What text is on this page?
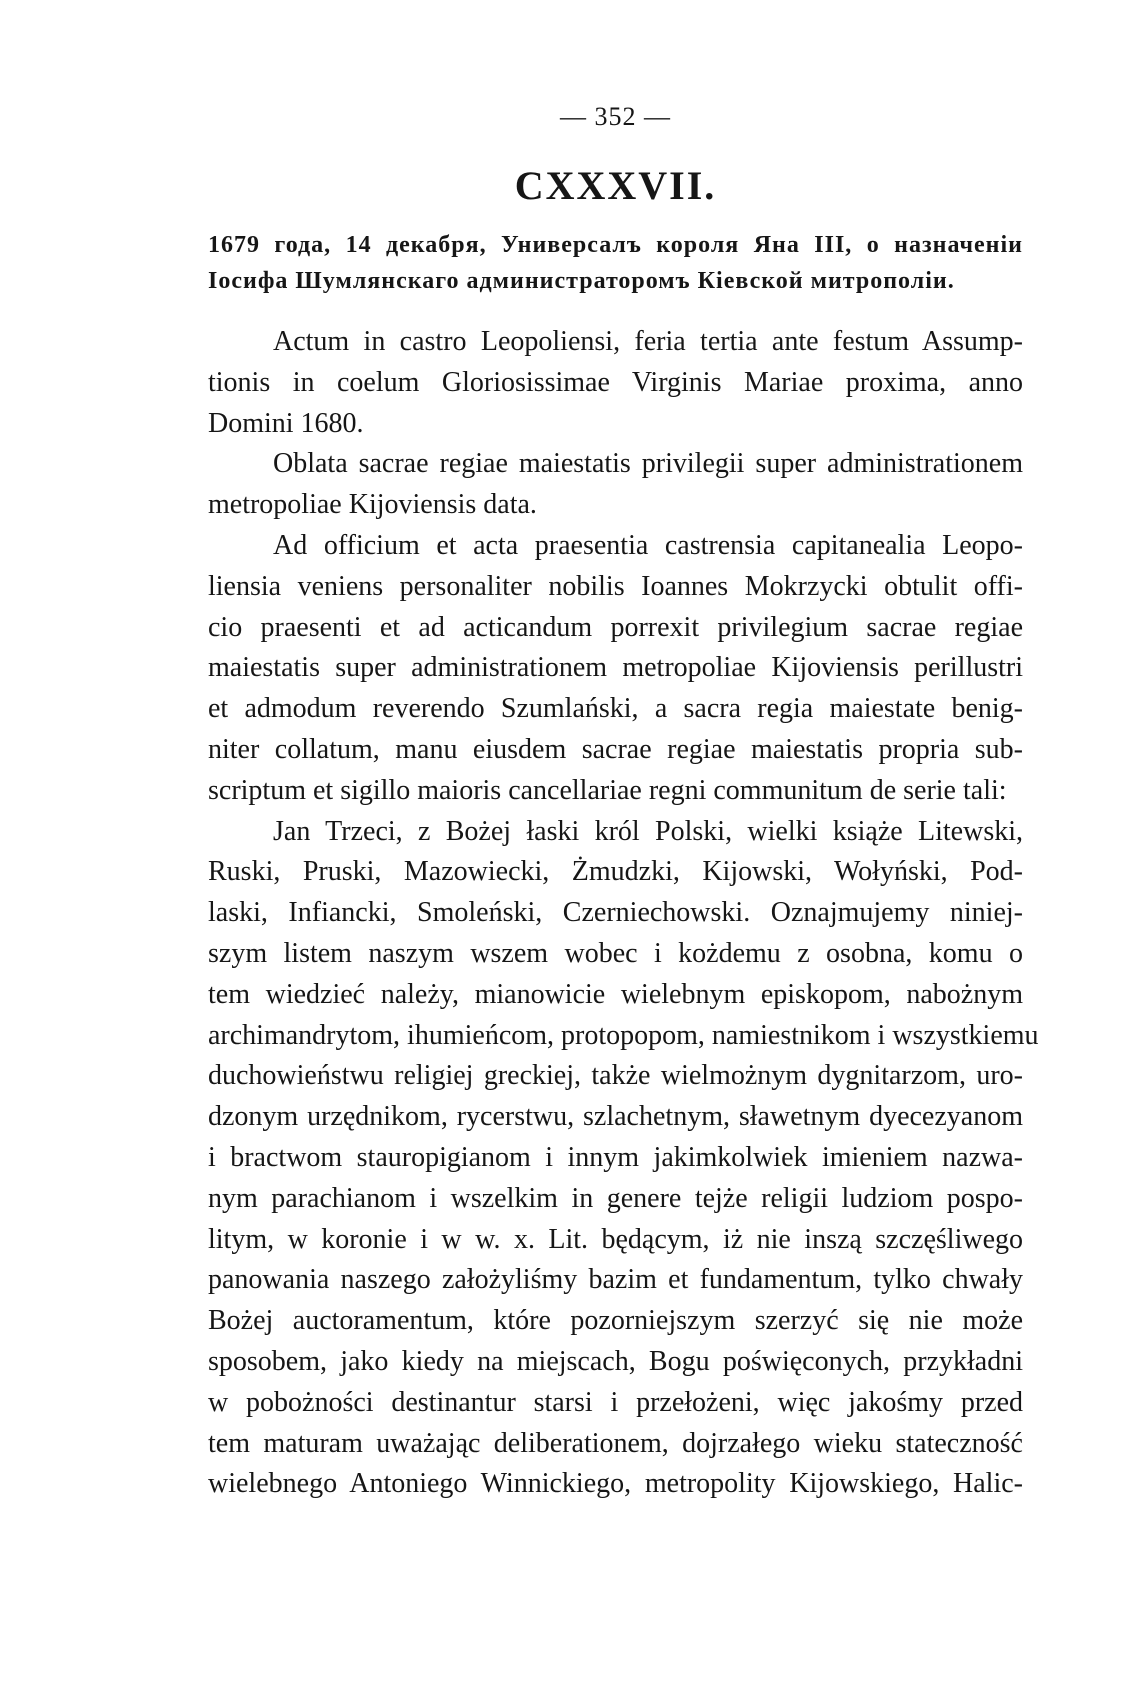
— 352 —
CXXXVII.
1679 года, 14 декабря, Универсалъ короля Яна III, о назначеніи
Іосифа Шумлянскаго администраторомъ Кіевской митрополіи.
Actum in castro Leopoliensi, feria tertia ante festum Assump-
tionis in coelum Gloriosissimae Virginis Mariae proxima, anno
Domini 1680.
Oblata sacrae regiae maiestatis privilegii super administrationem
metropoliae Kijoviensis data.
Ad officium et acta praesentia castrensia capitanealia Leopo-
liensia veniens personaliter nobilis Ioannes Mokrzycki obtulit offi-
cio praesenti et ad acticandum porrexit privilegium sacrae regiae
maiestatis super administrationem metropoliae Kijoviensis perillustri
et admodum reverendo Szumlański, a sacra regia maiestate benig-
niter collatum, manu eiusdem sacrae regiae maiestatis propria sub-
scriptum et sigillo maioris cancellariae regni communitum de serie tali:
Jan Trzeci, z Bożej łaski król Polski, wielki książe Litewski,
Ruski, Pruski, Mazowiecki, Żmudzki, Kijowski, Wołyński, Pod-
laski, Infiancki, Smoleński, Czerniechowski. Oznajmujemy niniej-
szym listem naszym wszem wobec i kożdemu z osobna, komu o
tem wiedzieć należy, mianowicie wielebnym episkopom, nabożnym
archimandrytom, ihumieńcom, protopopom, namiestnikom i wszystkiemu
duchowieństwu religiej greckiej, także wielmożnym dygnitarzom, uro-
dzonym urzędnikom, rycerstwu, szlachetnym, sławetnym dyecezyanom
i bractwom stauropigianom i innym jakimkolwiek imieniem nazwa-
nym parachianom i wszelkim in genere tejże religii ludziom pospo-
litym, w koronie i w w. x. Lit. będącym, iż nie inszą szczęśliwego
panowania naszego założyliśmy bazim et fundamentum, tylko chwały
Bożej auctoramentum, które pozorniejszym szerzyć się nie może
sposobem, jako kiedy na miejscach, Bogu poświęconych, przykładni
w pobożności destinantur starsi i przełożeni, więc jakośmy przed
tem maturam uważając deliberationem, dojrzałego wieku stateczność
wielebnego Antoniego Winnickiego, metropolity Kijowskiego, Halic-
